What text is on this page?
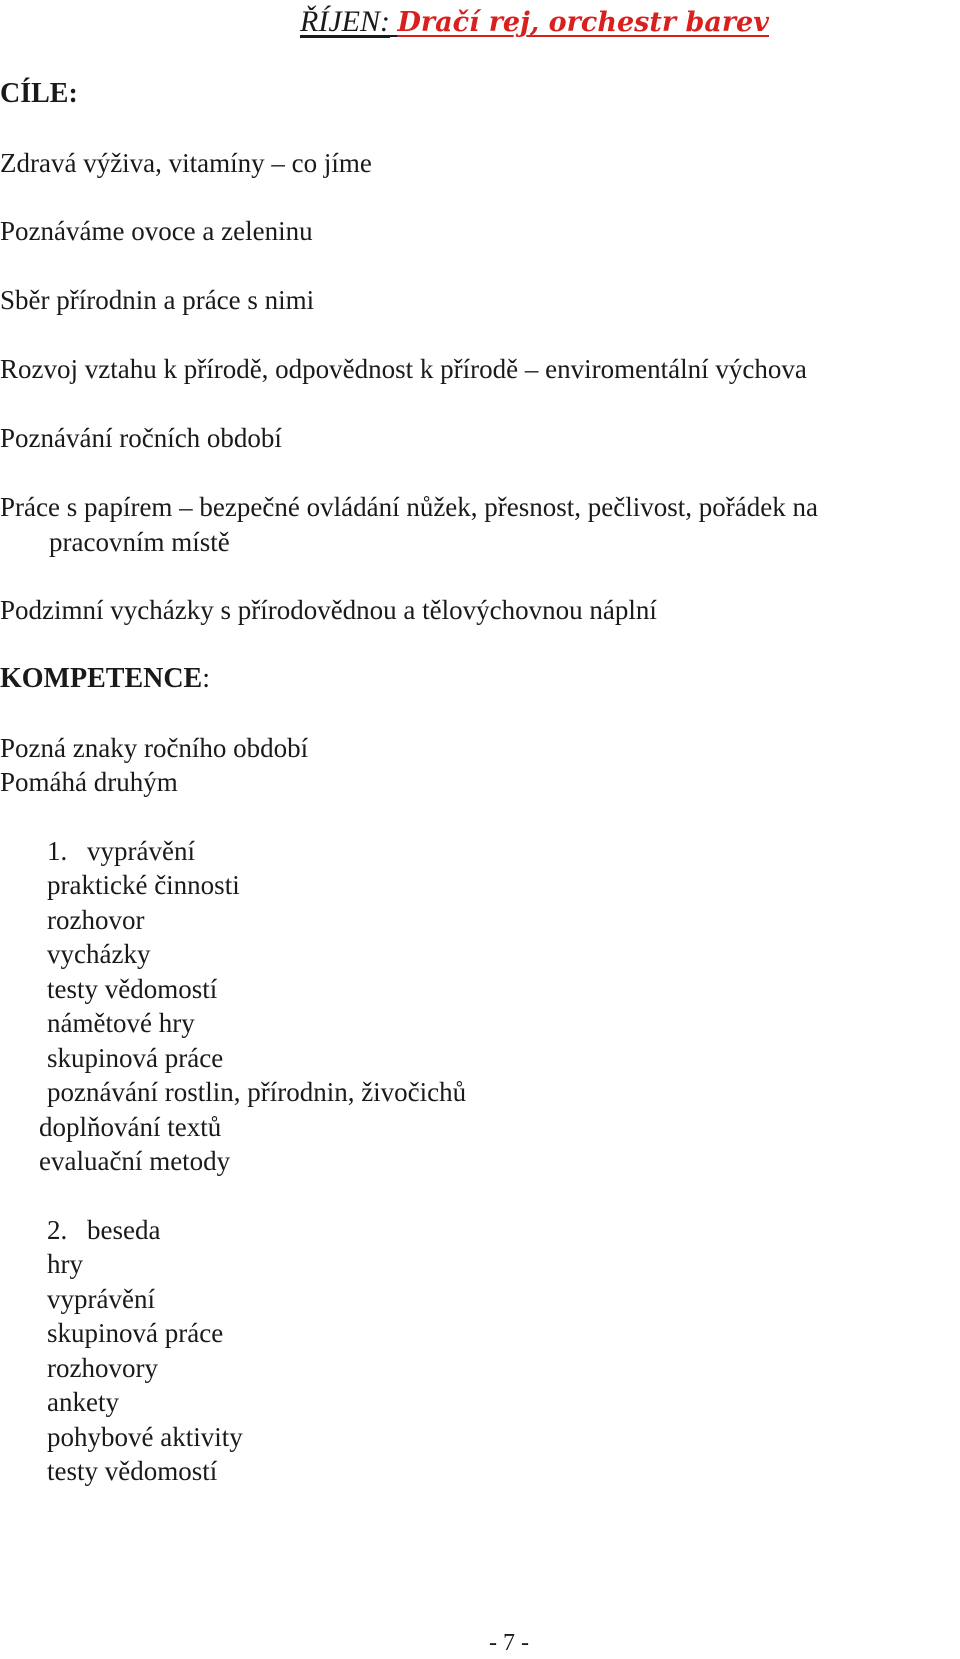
ŘÍJEN: Dračí rej, orchestr barev
CÍLE:
Zdravá výživa, vitamíny – co jíme
Poznáváme ovoce a zeleninu
Sběr přírodnin a práce s nimi
Rozvoj vztahu k přírodě, odpovědnost k přírodě – enviromentální výchova
Poznávání ročních období
Práce s papírem – bezpečné ovládání nůžek, přesnost, pečlivost, pořádek na
pracovním místě
Podzimní vycházky s přírodovědnou a tělovýchovnou náplní
KOMPETENCE:
Pozná znaky ročního období
Pomáhá druhým
1. vyprávění
praktické činnosti
rozhovor
vycházky
testy vědomostí
námětové hry
skupinová práce
poznávání rostlin, přírodnin, živočichů
doplňování textů
evaluační metody
2. beseda
hry
vyprávění
skupinová práce
rozhovory
ankety
pohybové aktivity
testy vědomostí
- 7 -
